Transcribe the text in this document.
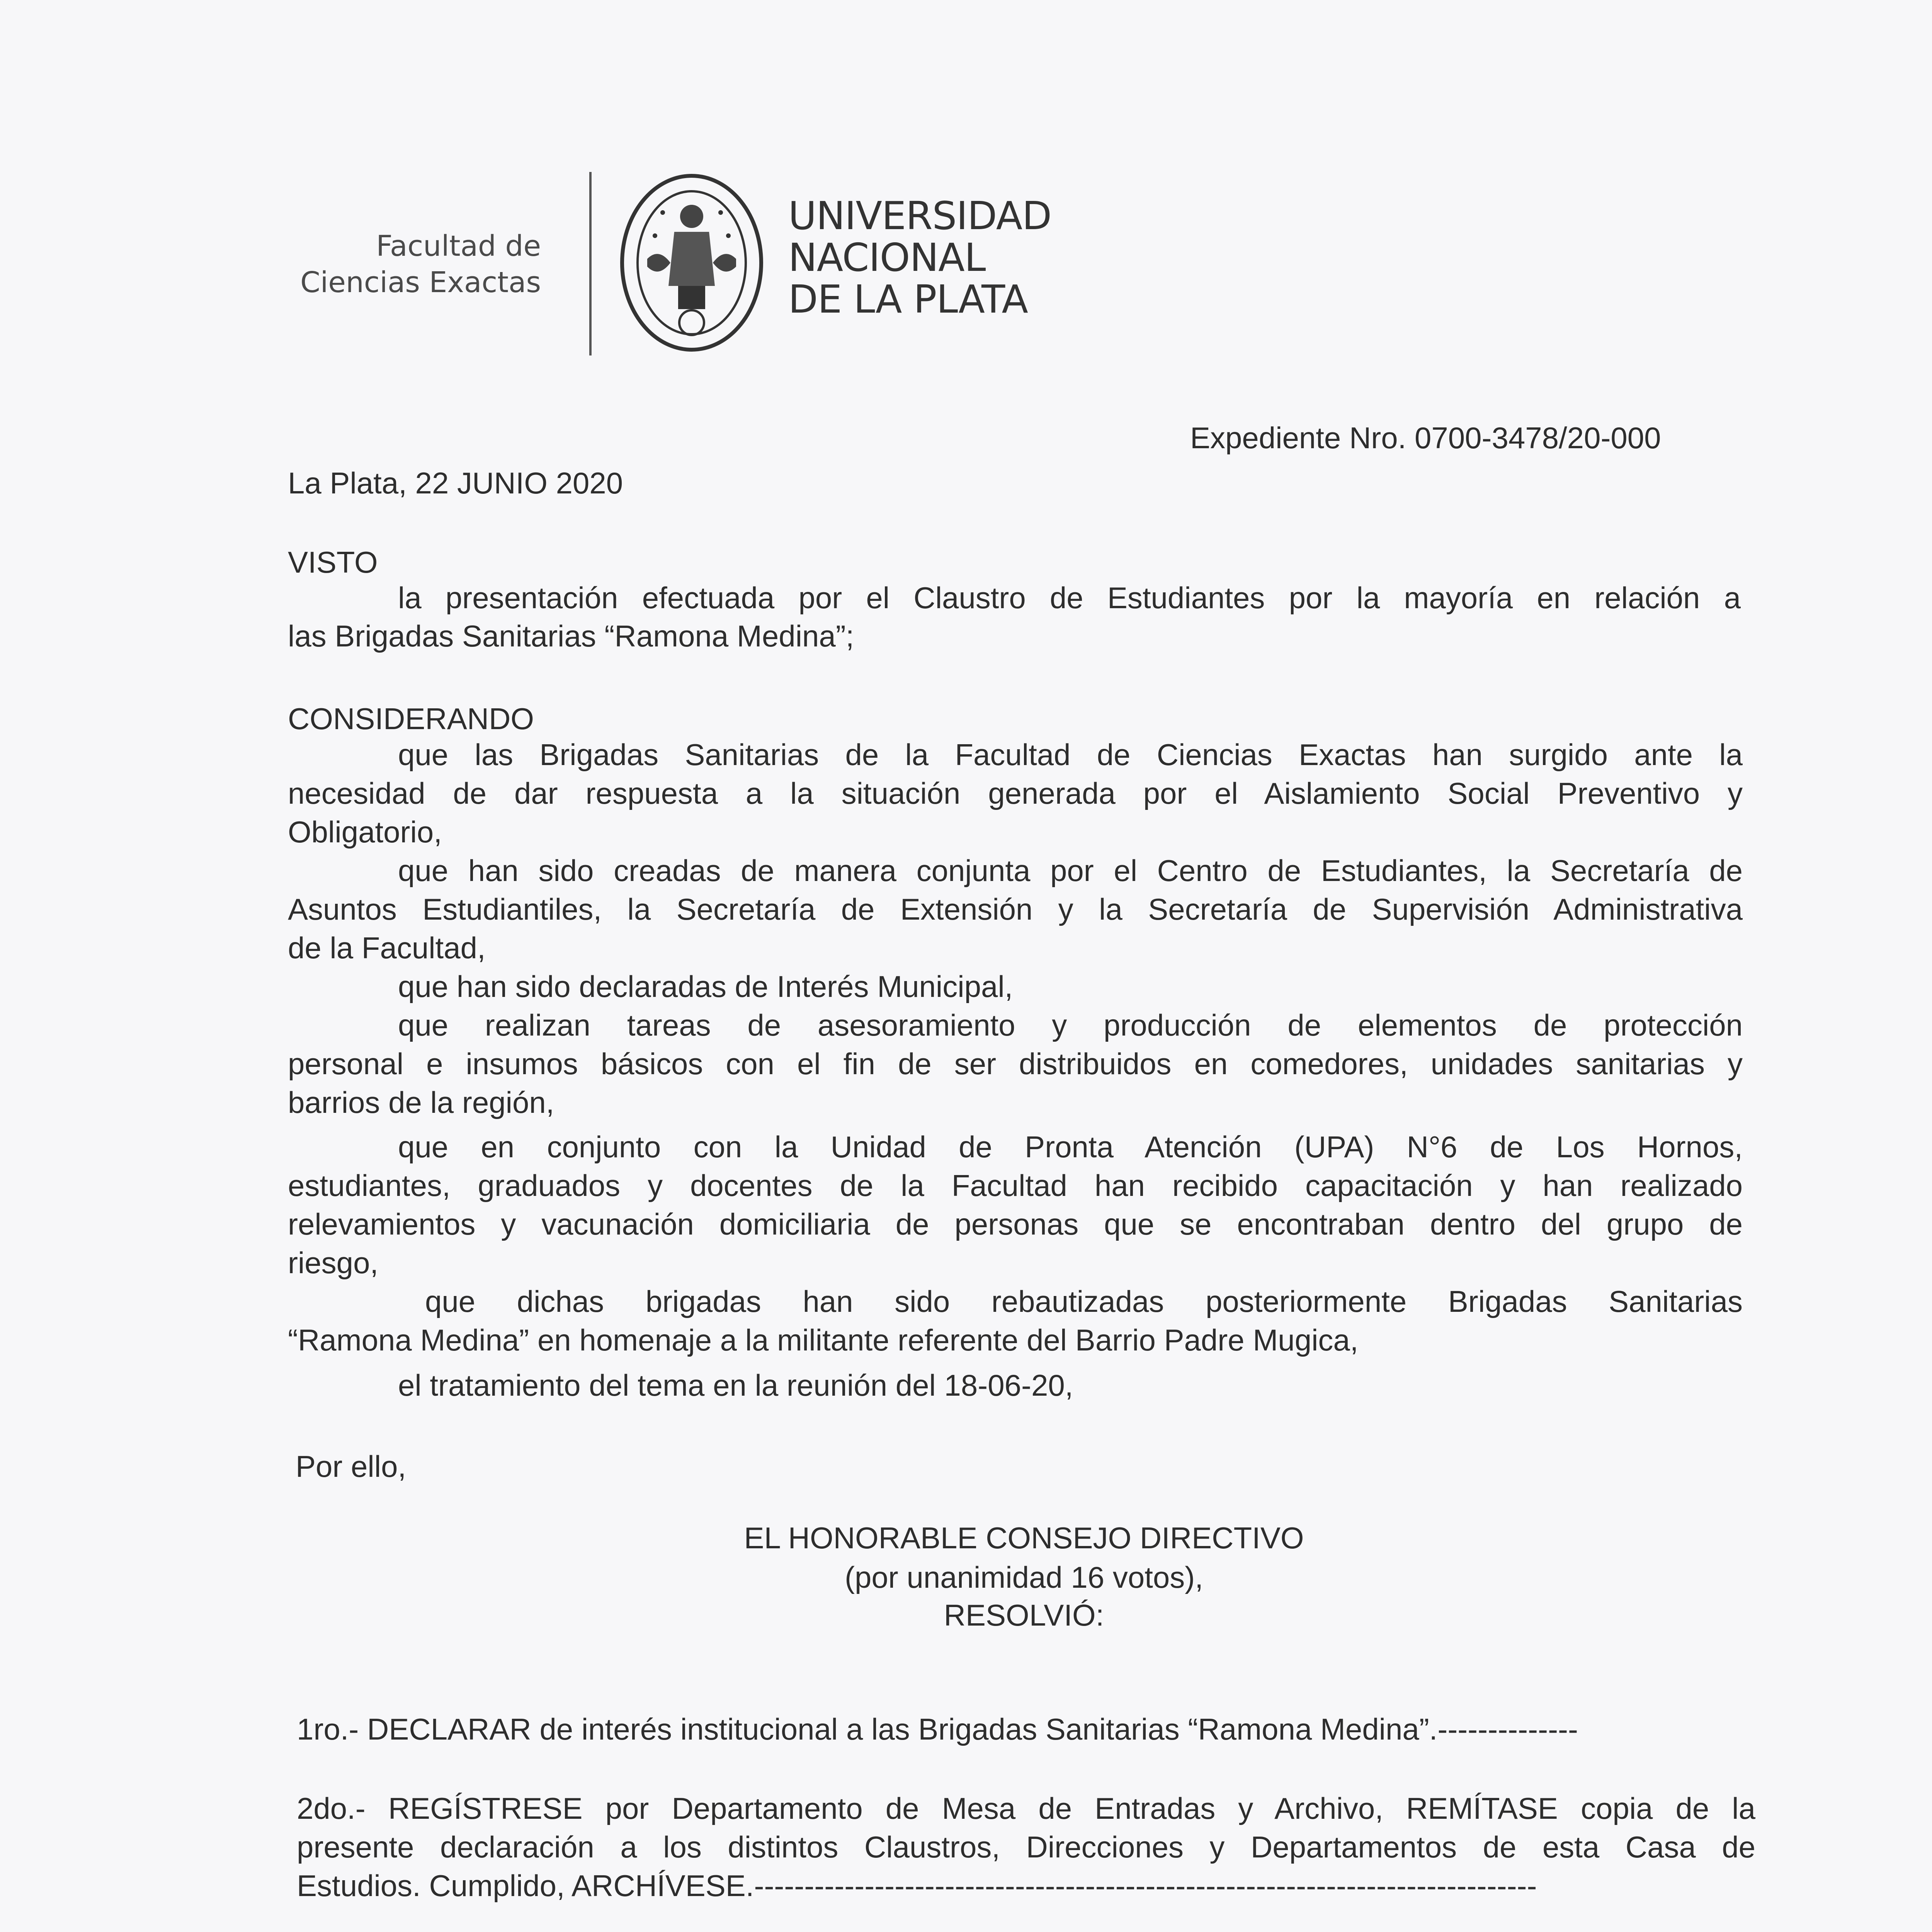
Facultad de
Ciencias Exactas
UNIVERSIDAD
NACIONAL
DE LA PLATA
Expediente Nro. 0700-3478/20-000
La Plata, 22 JUNIO 2020
VISTO
la presentación efectuada por el Claustro de Estudiantes por la mayoría en relación a
las Brigadas Sanitarias “Ramona Medina”;
CONSIDERANDO
que las Brigadas Sanitarias de la Facultad de Ciencias Exactas han surgido ante la
necesidad de dar respuesta a la situación generada por el Aislamiento Social Preventivo y
Obligatorio,
que han sido creadas de manera conjunta por el Centro de Estudiantes, la Secretaría de
Asuntos Estudiantiles, la Secretaría de Extensión y la Secretaría de Supervisión Administrativa
de la Facultad,
que han sido declaradas de Interés Municipal,
que realizan tareas de asesoramiento y producción de elementos de protección
personal e insumos básicos con el fin de ser distribuidos en comedores, unidades sanitarias y
barrios de la región,
que en conjunto con la Unidad de Pronta Atención (UPA) N°6 de Los Hornos,
estudiantes, graduados y docentes de la Facultad han recibido capacitación y han realizado
relevamientos y vacunación domiciliaria de personas que se encontraban dentro del grupo de
riesgo,
que dichas brigadas han sido rebautizadas posteriormente Brigadas Sanitarias
“Ramona Medina” en homenaje a la militante referente del Barrio Padre Mugica,
el tratamiento del tema en la reunión del 18-06-20,
Por ello,
EL HONORABLE CONSEJO DIRECTIVO
(por unanimidad 16 votos),
RESOLVIÓ:
1ro.- DECLARAR de interés institucional a las Brigadas Sanitarias “Ramona Medina”.--------------
2do.- REGÍSTRESE por Departamento de Mesa de Entradas y Archivo, REMÍTASE copia de la
presente declaración a los distintos Claustros, Direcciones y Departamentos de esta Casa de
Estudios. Cumplido, ARCHÍVESE.------------------------------------------------------------------------------
